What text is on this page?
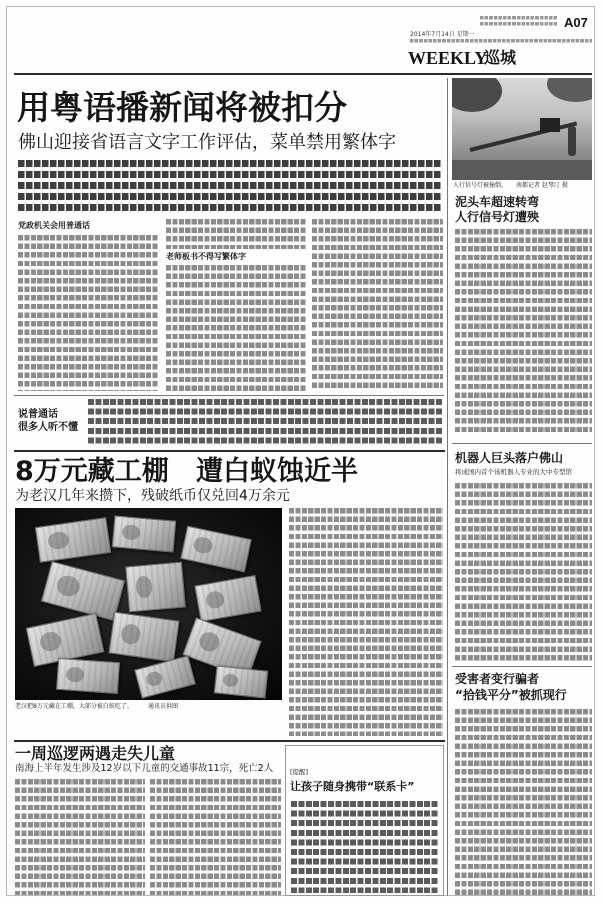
A07
2014年7月14日 星期一
WEEKLY
巡城
用粤语播新闻将被扣分
佛山迎接省语言文字工作评估，菜单禁用繁体字
党政机关会用普通话
老师板书不得写繁体字
说普通话
很多人听不懂
8万元藏工棚 遭白蚁蚀近半
为老汉几年来攒下，残破纸币仅兑回4万余元
老汉把8万元藏在工棚，大部分被白蚁吃了。	通讯员供图
一周巡逻两遇走失儿童
南海上半年发生涉及12岁以下儿童的交通事故11宗，死亡2人	[提醒]
让孩子随身携带“联系卡”
人行信号灯被撞倒。 南都记者 赵琴汀 摄
泥头车超速转弯
人行信号灯遭殃
机器人巨头落户佛山
将成国内首个该机器人专业的大中专型馆
受害者变行骗者
“拾钱平分”被抓现行
